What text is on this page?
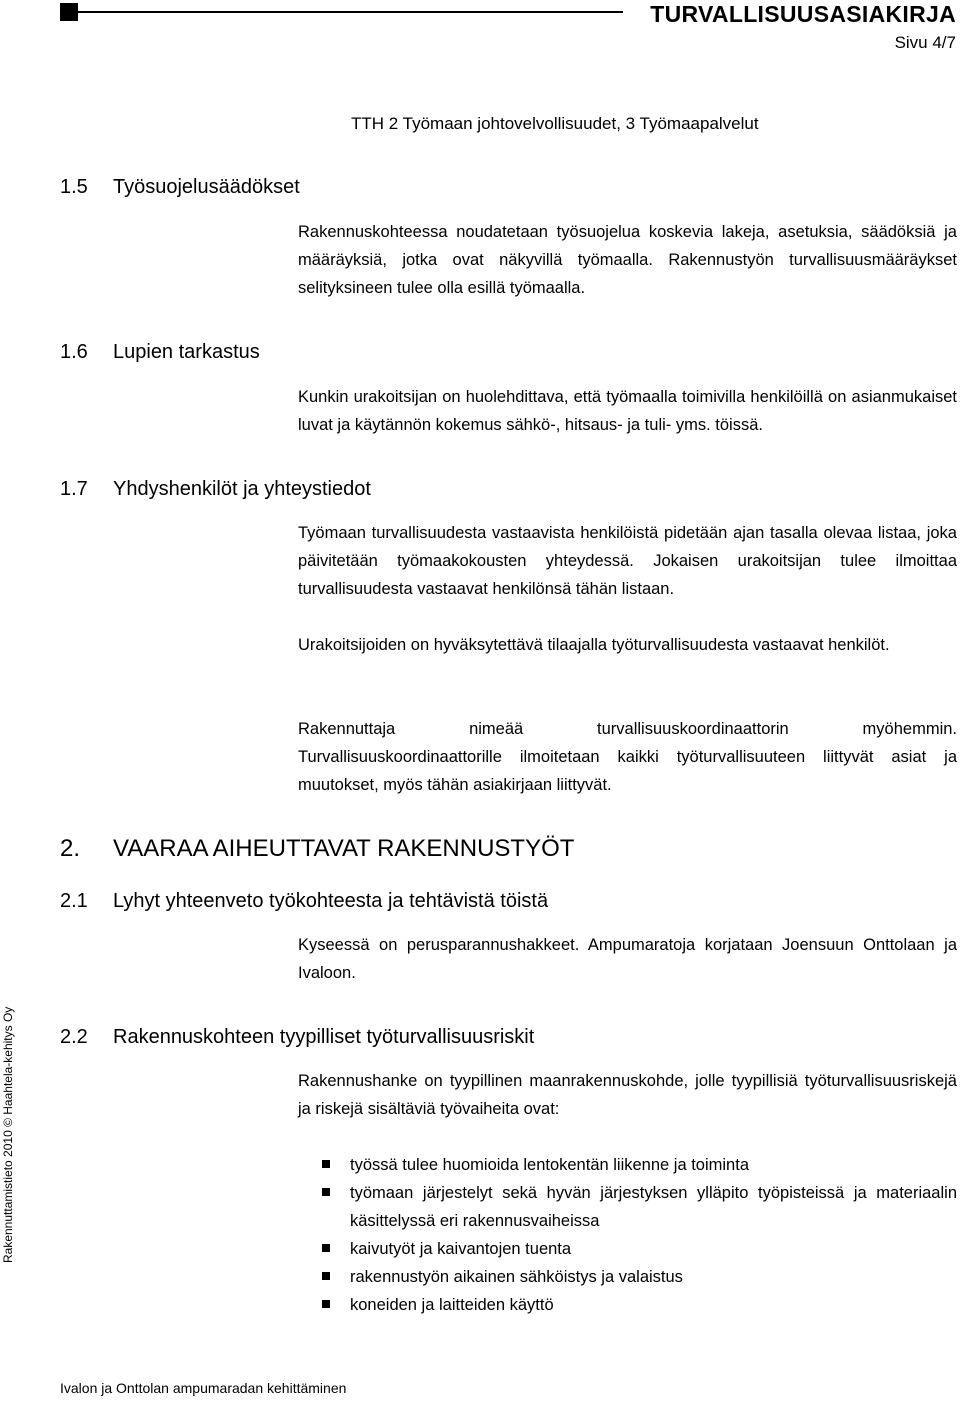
TURVALLISUUSASIAKIRJA
Sivu 4/7
TTH 2 Työmaan johtovelvollisuudet, 3 Työmaapalvelut
1.5 Työsuojelusäädökset
Rakennuskohteessa noudatetaan työsuojelua koskevia lakeja, asetuksia, säädöksiä ja määräyksiä, jotka ovat näkyvillä työmaalla. Rakennustyön turvallisuusmääräykset selityksineen tulee olla esillä työmaalla.
1.6 Lupien tarkastus
Kunkin urakoitsijan on huolehdittava, että työmaalla toimivilla henkilöillä on asianmukaiset luvat ja käytännön kokemus sähkö-, hitsaus- ja tuli- yms. töissä.
1.7 Yhdyshenkilöt ja yhteystiedot
Työmaan turvallisuudesta vastaavista henkilöistä pidetään ajan tasalla olevaa listaa, joka päivitetään työmaakokousten yhteydessä. Jokaisen urakoitsijan tulee ilmoittaa turvallisuudesta vastaavat henkilönsä tähän listaan.
Urakoitsijoiden on hyväksytettävä tilaajalla työturvallisuudesta vastaavat henkilöt.
Rakennuttaja nimeää turvallisuuskoordinaattorin myöhemmin. Turvallisuuskoordinaattorille ilmoitetaan kaikki työturvallisuuteen liittyvät asiat ja muutokset, myös tähän asiakirjaan liittyvät.
2. VAARAA AIHEUTTAVAT RAKENNUSTYÖT
2.1 Lyhyt yhteenveto työkohteesta ja tehtävistä töistä
Kyseessä on perusparannushakkeet. Ampumaratoja korjataan Joensuun Onttolaan ja Ivaloon.
2.2 Rakennuskohteen tyypilliset työturvallisuusriskit
Rakennushanke on tyypillinen maanrakennuskohde, jolle tyypillisiä työturvallisuusriskejä ja riskejä sisältäviä työvaiheita ovat:
työssä tulee huomioida lentokentän liikenne ja toiminta
työmaan järjestelyt sekä hyvän järjestyksen ylläpito työpisteissä ja materiaalin käsittelyssä eri rakennusvaiheissa
kaivutyöt ja kaivantojen tuenta
rakennustyön aikainen sähköistys ja valaistus
koneiden ja laitteiden käyttö
Rakennuttamistieto 2010 © Haahtela-kehitys Oy
Ivalon ja Onttolan ampumaradan kehittäminen
